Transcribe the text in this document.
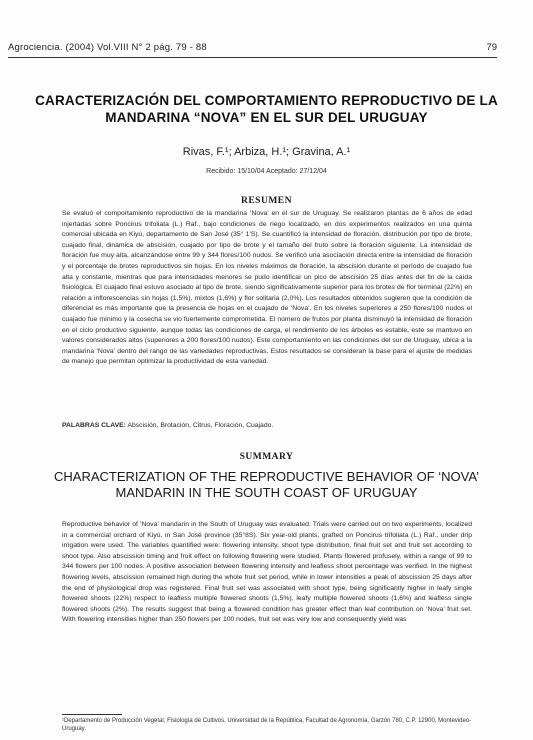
Agrociencia. (2004) Vol.VIII N° 2 pág. 79 - 88	79
CARACTERIZACIÓN DEL COMPORTAMIENTO REPRODUCTIVO DE LA MANDARINA “NOVA” EN EL SUR DEL URUGUAY
Rivas, F.¹; Arbiza, H.¹; Gravina, A.¹
Recibido: 15/10/04 Aceptado: 27/12/04
RESUMEN

Se evaluó el comportamiento reproductivo de la mandarina ‘Nova’ en el sur de Uruguay. Se realizaron plantas de 6 años de edad injertadas sobre Poncirus trifoliata (L.) Raf., bajo condiciones de riego localizado, en dos experimentos realizados en una quinta comercial ubicada en Kiyú, departamento de San José (35° 1’S). Se cuantificó la intensidad de floración, distribución por tipo de brote, cuajado final, dinámica de abscisión, cuajado por tipo de brote y el tamaño del fruto sobre la floración siguiente. La intensidad de floración fue muy alta, alcanzándose entre 99 y 344 flores/100 nudos. Se verificó una asociación directa entre la intensidad de floración y el porcentaje de brotes reproductivos sin hojas. En los niveles máximos de floración, la abscisión durante el período de cuajado fue alta y constante, mientras que para intensidades menores se pudo identificar un pico de abscisión 25 días antes del fin de la caída fisiológica. El cuajado final estuvo asociado al tipo de brote, siendo significativamente superior para los brotes de flor terminal (22%) en relación a inflorescencias sin hojas (1,5%), mixtos (1,6%) y flor solitaria (2,0%). Los resultados obtenidos sugieren que la condición de diferencial es más importante que la presencia de hojas en el cuajado de ‘Nova’. En los niveles superiores a 250 flores/100 nudos el cuajado fue mínimo y la cosecha se vio fuertemente comprometida. El número de frutos por planta disminuyó la intensidad de floración en el ciclo productivo siguiente, aunque todas las condiciones de carga, el rendimiento de los árboles es estable, este se mantuvo en valores considerados altos (superiores a 200 flores/100 nudos). Este comportamiento en las condiciones del sur de Uruguay, ubica a la mandarina ‘Nova’ dentro del rango de las variedades reproductivas. Estos resultados se consideran la base para el ajuste de medidas de manejo que permitan optimizar la productividad de esta variedad.

PALABRAS CLAVE: Abscisión, Brotación, Citrus, Floración, Cuajado.
SUMMARY
CHARACTERIZATION OF THE REPRODUCTIVE BEHAVIOR OF ‘NOVA’ MANDARIN IN THE SOUTH COAST OF URUGUAY

Reproductive behavior of ‘Nova’ mandarin in the South of Uruguay was evaluated. Trials were carried out on two experiments, localized in a commercial orchard of Kiyú, in San José province (35°8S). Six year-old plants, grafted on Poncirus trifoliata (L.) Raf., under drip irrigation were used. The variables quantified were: flowering intensity, shoot type distribution, final fruit set and fruit set according to shoot type. Also abscission timing and fruit effect on following flowering were studied. Plants flowered profusely, within a range of 99 to 344 flowers per 100 nodes. A positive association between flowering intensity and leafless shoot percentage was verified. In the highest flowering levels, abscission remained high during the whole fruit set period, while in lower intensities a peak of abscission 25 days after the end of physiological drop was registered. Final fruit set was associated with shoot type, being significantly higher in leafy single flowered shoots (22%) respect to leafless multiple flowered shoots (1,5%), leafy multiple flowered shoots (1,6%) and leafless single flowered shoots (2%). The results suggest that being a flowered condition has greater effect than leaf contribution on ‘Nova’ fruit set. With flowering intensities higher than 250 flowers per 100 nodes, fruit set was very low and consequently yield was

¹Departamento de Producción Vegetal, Fisiología de Cultivos, Universidad de la República, Facultad de Agronomía, Garzón 780, C.P. 12900, Montevideo-Uruguay.
